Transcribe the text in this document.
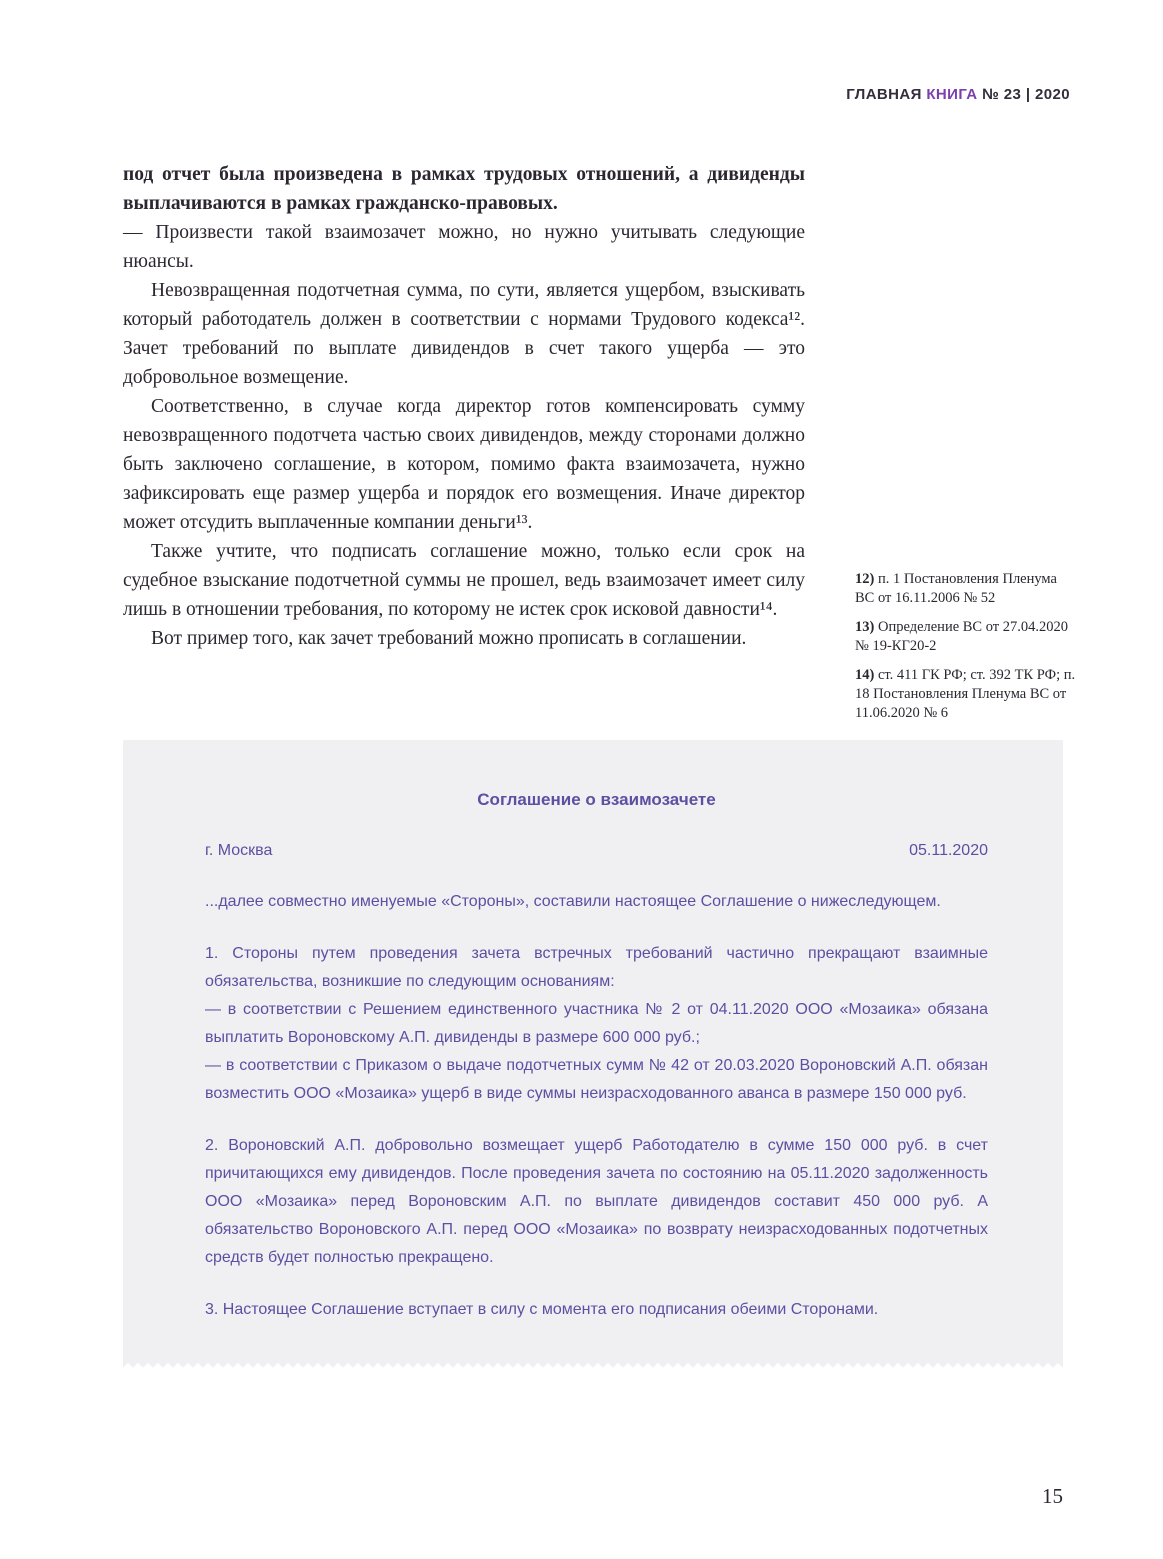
ГЛАВНАЯ КНИГА № 23 | 2020

под отчет была произведена в рамках трудовых отношений, а дивиденды выплачиваются в рамках гражданско-правовых.

— Произвести такой взаимозачет можно, но нужно учитывать следующие нюансы.

Невозвращенная подотчетная сумма, по сути, является ущербом, взыскивать который работодатель должен в соответствии с нормами Трудового кодекса¹². Зачет требований по выплате дивидендов в счет такого ущерба — это добровольное возмещение.

Соответственно, в случае когда директор готов компенсировать сумму невозвращенного подотчета частью своих дивидендов, между сторонами должно быть заключено соглашение, в котором, помимо факта взаимозачета, нужно зафиксировать еще размер ущерба и порядок его возмещения. Иначе директор может отсудить выплаченные компании деньги¹³.

Также учтите, что подписать соглашение можно, только если срок на судебное взыскание подотчетной суммы не прошел, ведь взаимозачет имеет силу лишь в отношении требования, по которому не истек срок исковой давности¹⁴.

Вот пример того, как зачет требований можно прописать в соглашении.

12) п. 1 Постановления Пленума ВС от 16.11.2006 № 52
13) Определение ВС от 27.04.2020 № 19-КГ20-2
14) ст. 411 ГК РФ; ст. 392 ТК РФ; п. 18 Постановления Пленума ВС от 11.06.2020 № 6

Соглашение о взаимозачете

г. Москва	05.11.2020

...далее совместно именуемые «Стороны», составили настоящее Соглашение о нижеследующем.

1. Стороны путем проведения зачета встречных требований частично прекращают взаимные обязательства, возникшие по следующим основаниям:

— в соответствии с Решением единственного участника № 2 от 04.11.2020 ООО «Мозаика» обязана выплатить Вороновскому А.П. дивиденды в размере 600 000 руб.;

— в соответствии с Приказом о выдаче подотчетных сумм № 42 от 20.03.2020 Вороновский А.П. обязан возместить ООО «Мозаика» ущерб в виде суммы неизрасходованного аванса в размере 150 000 руб.

2. Вороновский А.П. добровольно возмещает ущерб Работодателю в сумме 150 000 руб. в счет причитающихся ему дивидендов. После проведения зачета по состоянию на 05.11.2020 задолженность ООО «Мозаика» перед Вороновским А.П. по выплате дивидендов составит 450 000 руб. А обязательство Вороновского А.П. перед ООО «Мозаика» по возврату неизрасходованных подотчетных средств будет полностью прекращено.

3. Настоящее Соглашение вступает в силу с момента его подписания обеими Сторонами.

15
